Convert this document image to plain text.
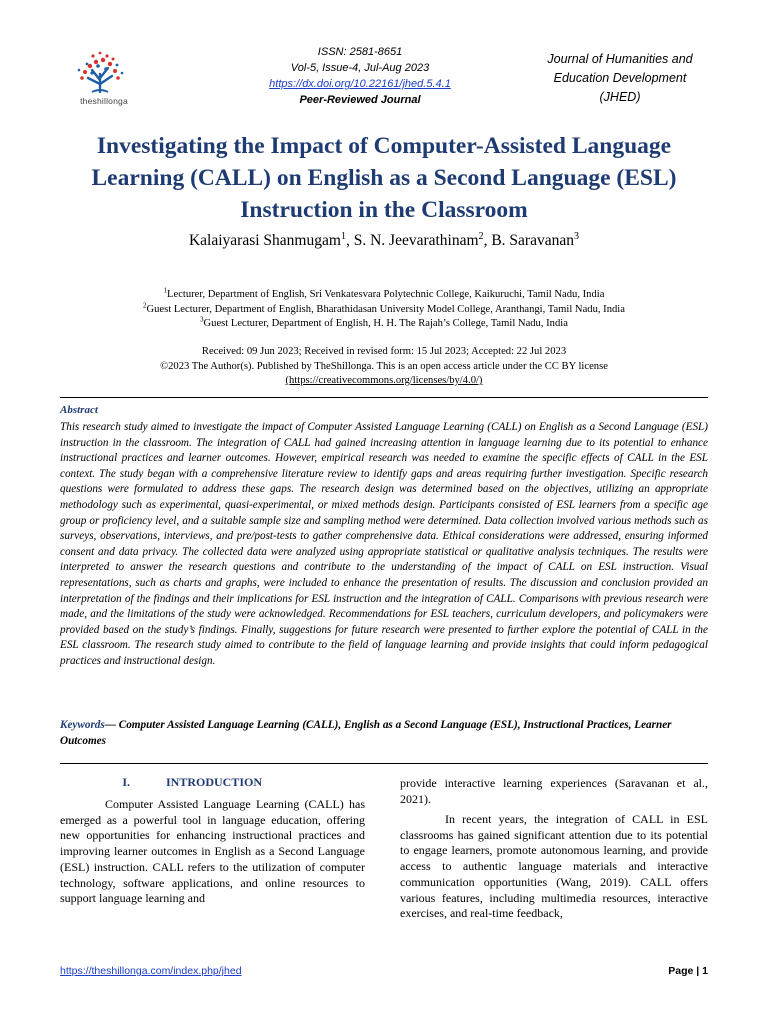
theshillonga
ISSN: 2581-8651
Vol-5, Issue-4, Jul-Aug 2023
https://dx.doi.org/10.22161/jhed.5.4.1
Peer-Reviewed Journal
Journal of Humanities and
Education Development
(JHED)
Investigating the Impact of Computer-Assisted Language
Learning (CALL) on English as a Second Language (ESL)
Instruction in the Classroom
Kalaiyarasi Shanmugam$^1$, S. N. Jeevarathinam$^2$, B. Saravanan$^3$
$^1$Lecturer, Department of English, Sri Venkatesvara Polytechnic College, Kaikuruchi, Tamil Nadu, India
$^2$Guest Lecturer, Department of English, Bharathidasan University Model College, Aranthangi, Tamil Nadu, India
$^3$Guest Lecturer, Department of English, H. H. The Rajah’s College, Tamil Nadu, India
Received: 09 Jun 2023; Received in revised form: 15 Jul 2023; Accepted: 22 Jul 2023
©2023 The Author(s). Published by TheShillonga. This is an open access article under the CC BY license
(https://creativecommons.org/licenses/by/4.0/)
Abstract
This research study aimed to investigate the impact of Computer Assisted Language Learning (CALL) on English as a Second Language (ESL) instruction in the classroom. The integration of CALL had gained increasing attention in language learning due to its potential to enhance instructional practices and learner outcomes. However, empirical research was needed to examine the specific effects of CALL in the ESL context. The study began with a comprehensive literature review to identify gaps and areas requiring further investigation. Specific research questions were formulated to address these gaps. The research design was determined based on the objectives, utilizing an appropriate methodology such as experimental, quasi-experimental, or mixed methods design. Participants consisted of ESL learners from a specific age group or proficiency level, and a suitable sample size and sampling method were determined. Data collection involved various methods such as surveys, observations, interviews, and pre/post-tests to gather comprehensive data. Ethical considerations were addressed, ensuring informed consent and data privacy. The collected data were analyzed using appropriate statistical or qualitative analysis techniques. The results were interpreted to answer the research questions and contribute to the understanding of the impact of CALL on ESL instruction. Visual representations, such as charts and graphs, were included to enhance the presentation of results. The discussion and conclusion provided an interpretation of the findings and their implications for ESL instruction and the integration of CALL. Comparisons with previous research were made, and the limitations of the study were acknowledged. Recommendations for ESL teachers, curriculum developers, and policymakers were provided based on the study’s findings. Finally, suggestions for future research were presented to further explore the potential of CALL in the ESL classroom. The research study aimed to contribute to the field of language learning and provide insights that could inform pedagogical practices and instructional design.
Keywords— Computer Assisted Language Learning (CALL), English as a Second Language (ESL), Instructional Practices, Learner Outcomes
I.	INTRODUCTION
Computer Assisted Language Learning (CALL) has emerged as a powerful tool in language education, offering new opportunities for enhancing instructional practices and improving learner outcomes in English as a Second Language (ESL) instruction. CALL refers to the utilization of computer technology, software applications, and online resources to support language learning and
provide interactive learning experiences (Saravanan et al., 2021).
In recent years, the integration of CALL in ESL classrooms has gained significant attention due to its potential to engage learners, promote autonomous learning, and provide access to authentic language materials and interactive communication opportunities (Wang, 2019). CALL offers various features, including multimedia resources, interactive exercises, and real-time feedback,
https://theshillonga.com/index.php/jhed	Page | 1
